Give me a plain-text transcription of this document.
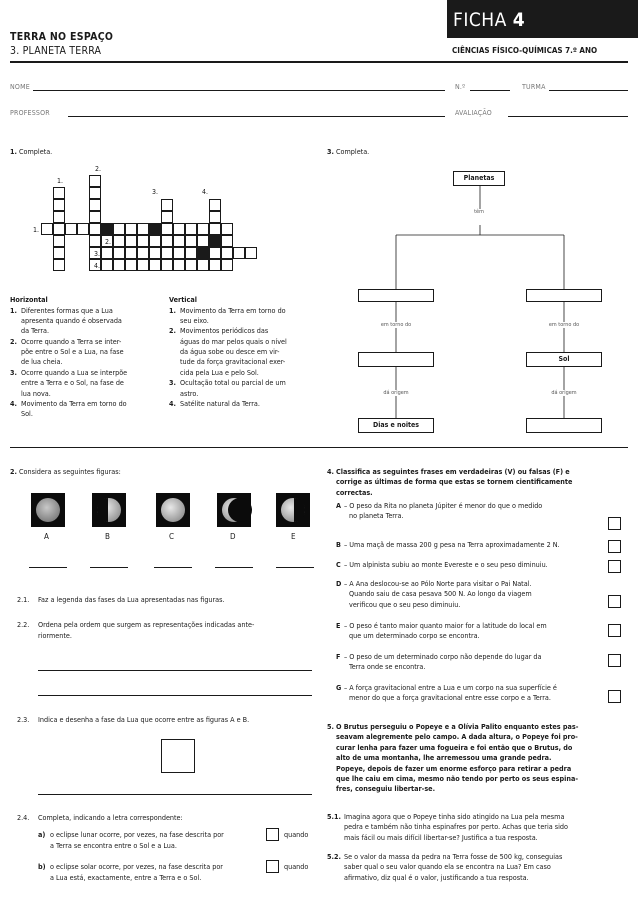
TERRA NO ESPAÇO
3. PLANETA TERRA
FICHA 4
CIÊNCIAS FÍSICO-QUÍMICAS 7.º ANO
NOME	N.º	TURMA
PROFESSOR	AVALIAÇÃO
1. Completa.
2.
1.
3.	4.
1.
2.
3.
4.
Horizontal
1. Diferentes formas que a Lua
apresenta quando é observada
da Terra.
2. Ocorre quando a Terra se inter-
põe entre o Sol e a Lua, na fase
de lua cheia.
3. Ocorre quando a Lua se interpõe
entre a Terra e o Sol, na fase de
lua nova.
4. Movimento da Terra em torno do
Sol.
Vertical
1. Movimento da Terra em torno do
seu eixo.
2. Movimentos periódicos das
águas do mar pelos quais o nível
da água sobe ou desce em vir-
tude da força gravitacional exer-
cida pela Lua e pelo Sol.
3. Ocultação total ou parcial de um
astro.
4. Satélite natural da Terra.
3. Completa.
Planetas
têm
em torno do	em torno do
Sol
dá origem	dá origem
Dias e noites
2. Considera as seguintes figuras:
A	B	C	D	E
2.1. Faz a legenda das fases da Lua apresentadas nas figuras.
2.2. Ordena pela ordem que surgem as representações indicadas ante-
riormente.
2.3. Indica e desenha a fase da Lua que ocorre entre as figuras A e B.
2.4. Completa, indicando a letra correspondente:
a) o eclipse lunar ocorre, por vezes, na fase descrita por	quando
a Terra se encontra entre o Sol e a Lua.
b) o eclipse solar ocorre, por vezes, na fase descrita por	quando
a Lua está, exactamente, entre a Terra e o Sol.
4. Classifica as seguintes frases em verdadeiras (V) ou falsas (F) e
corrige as últimas de forma que estas se tornem cientificamente
correctas.
A – O peso da Rita no planeta Júpiter é menor do que o medido
no planeta Terra.
B – Uma maçã de massa 200 g pesa na Terra aproximadamente 2 N.
C – Um alpinista subiu ao monte Evereste e o seu peso diminuiu.
D – A Ana deslocou-se ao Pólo Norte para visitar o Pai Natal.
Quando saiu de casa pesava 500 N. Ao longo da viagem
verificou que o seu peso diminuiu.
E – O peso é tanto maior quanto maior for a latitude do local em
que um determinado corpo se encontra.
F – O peso de um determinado corpo não depende do lugar da
Terra onde se encontra.
G – A força gravitacional entre a Lua e um corpo na sua superfície é
menor do que a força gravitacional entre esse corpo e a Terra.
5. O Brutus perseguiu o Popeye e a Olívia Palito enquanto estes pas-
seavam alegremente pelo campo. A dada altura, o Popeye foi pro-
curar lenha para fazer uma fogueira e foi então que o Brutus, do
alto de uma montanha, lhe arremessou uma grande pedra.
Popeye, depois de fazer um enorme esforço para retirar a pedra
que lhe caiu em cima, mesmo não tendo por perto os seus espina-
fres, conseguiu libertar-se.
5.1. Imagina agora que o Popeye tinha sido atingido na Lua pela mesma
pedra e também não tinha espinafres por perto. Achas que teria sido
mais fácil ou mais difícil libertar-se? Justifica a tua resposta.
5.2. Se o valor da massa da pedra na Terra fosse de 500 kg, conseguias
saber qual o seu valor quando ela se encontra na Lua? Em caso
afirmativo, diz qual é o valor, justificando a tua resposta.
